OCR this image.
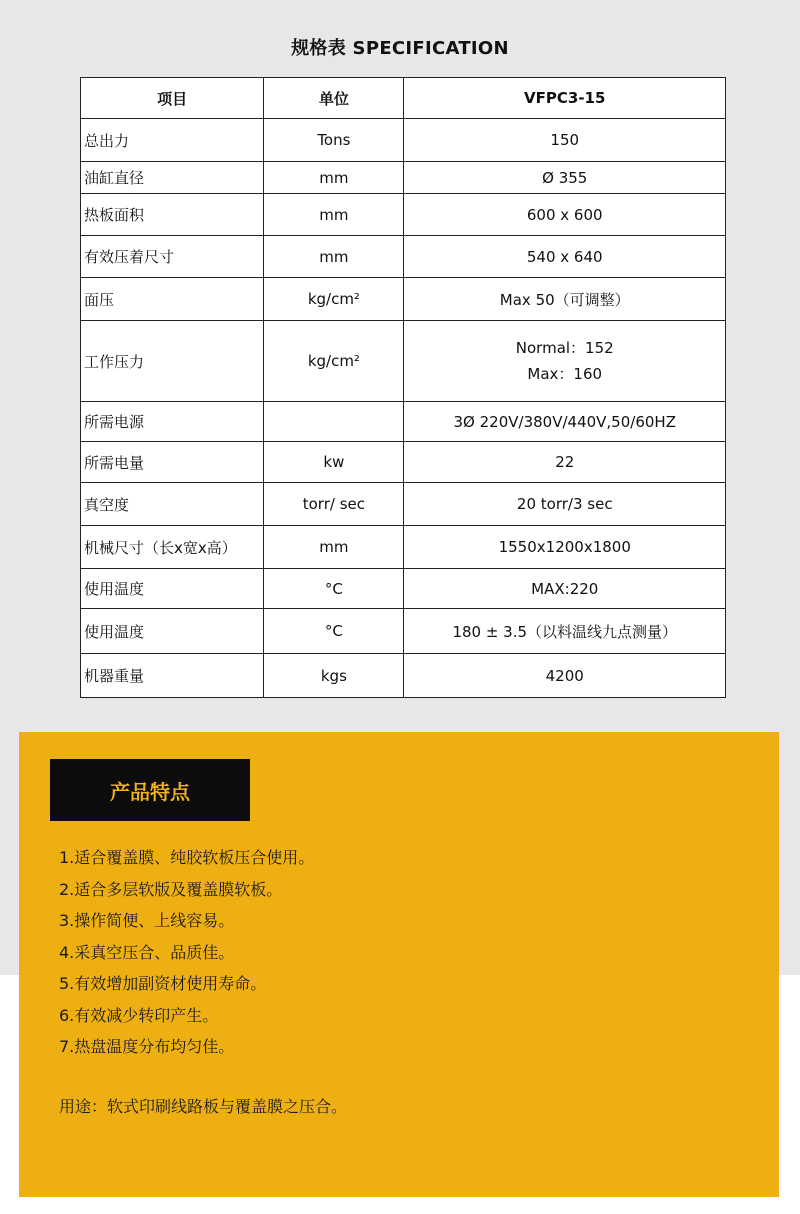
规格表 SPECIFICATION
项目	单位	VFPC3-15
总出力	Tons	150
油缸直径	mm	Ø 355
热板面积	mm	600 x 600
有效压着尺寸	mm	540 x 640
面压	kg/cm²	Max 50（可调整）
工作压力	kg/cm²	Normal：152
Max：160

所需电源		3Ø 220V/380V/440V,50/60HZ
所需电量	kw	22
真空度	torr/ sec	20 torr/3 sec
机械尺寸（长x宽x高）	mm	1550x1200x1800
使用温度	°C	MAX:220
使用温度	°C	180 ± 3.5（以料温线九点测量）
机器重量	kgs	4200
产品特点
1.适合覆盖膜、纯胶软板压合使用。
2.适合多层软版及覆盖膜软板。
3.操作简便、上线容易。
4.采真空压合、品质佳。
5.有效增加副资材使用寿命。
6.有效减少转印产生。
7.热盘温度分布均匀佳。
用途：软式印刷线路板与覆盖膜之压合。
